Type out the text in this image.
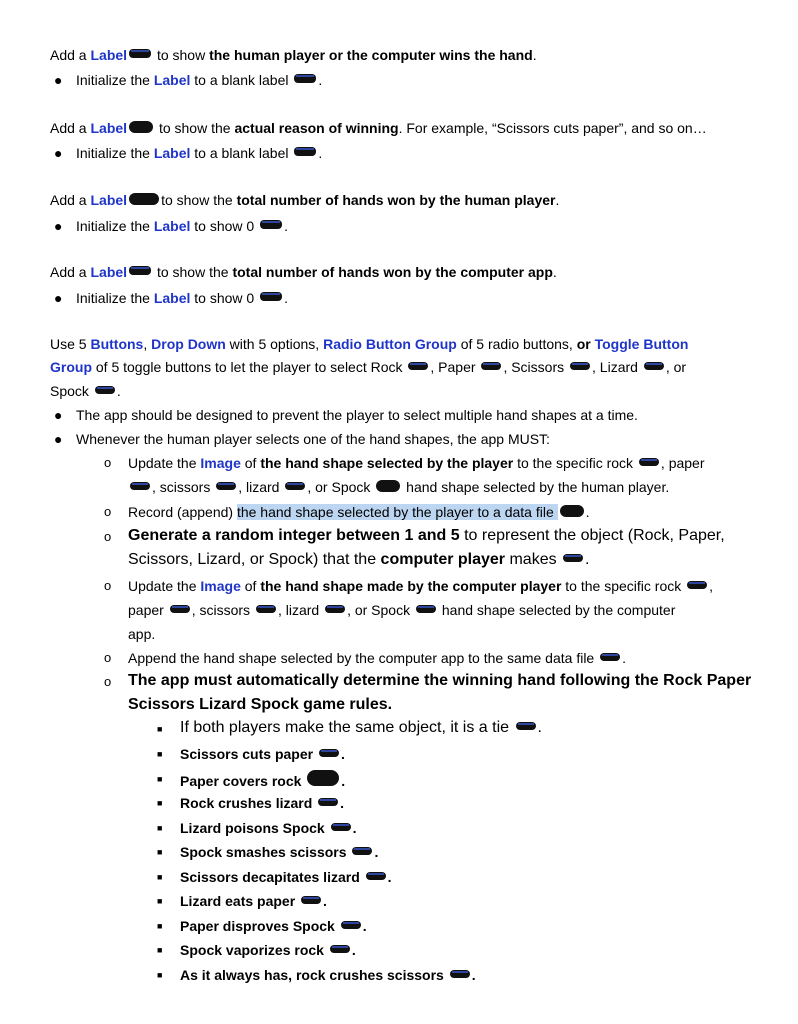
Add a Label to show the human player or the computer wins the hand.
● Initialize the Label to a blank label .
Add a Label to show the actual reason of winning. For example, “Scissors cuts paper”, and so on…
● Initialize the Label to a blank label .
Add a Label to show the total number of hands won by the human player.
● Initialize the Label to show 0 .
Add a Label to show the total number of hands won by the computer app.
● Initialize the Label to show 0 .
Use 5 Buttons, Drop Down with 5 options, Radio Button Group of 5 radio buttons, or Toggle Button
Group of 5 toggle buttons to let the player to select Rock , Paper , Scissors , Lizard , or
Spock .
● The app should be designed to prevent the player to select multiple hand shapes at a time.
● Whenever the human player selects one of the hand shapes, the app MUST:
o Update the Image of the hand shape selected by the player to the specific rock , paper
, scissors , lizard , or Spock  hand shape selected by the human player.
o Record (append) the hand shape selected by the player to a data file .
o Generate a random integer between 1 and 5 to represent the object (Rock, Paper,
Scissors, Lizard, or Spock) that the computer player makes .
o Update the Image of the hand shape made by the computer player to the specific rock ,
paper , scissors , lizard , or Spock  hand shape selected by the computer
app.
o Append the hand shape selected by the computer app to the same data file .
o The app must automatically determine the winning hand following the Rock Paper
Scissors Lizard Spock game rules.
■ If both players make the same object, it is a tie .
■ Scissors cuts paper .
■ Paper covers rock	.
■ Rock crushes lizard .
■ Lizard poisons Spock .
■ Spock smashes scissors .
■ Scissors decapitates lizard .
■ Lizard eats paper .
■ Paper disproves Spock .
■ Spock vaporizes rock .
■ As it always has, rock crushes scissors .
